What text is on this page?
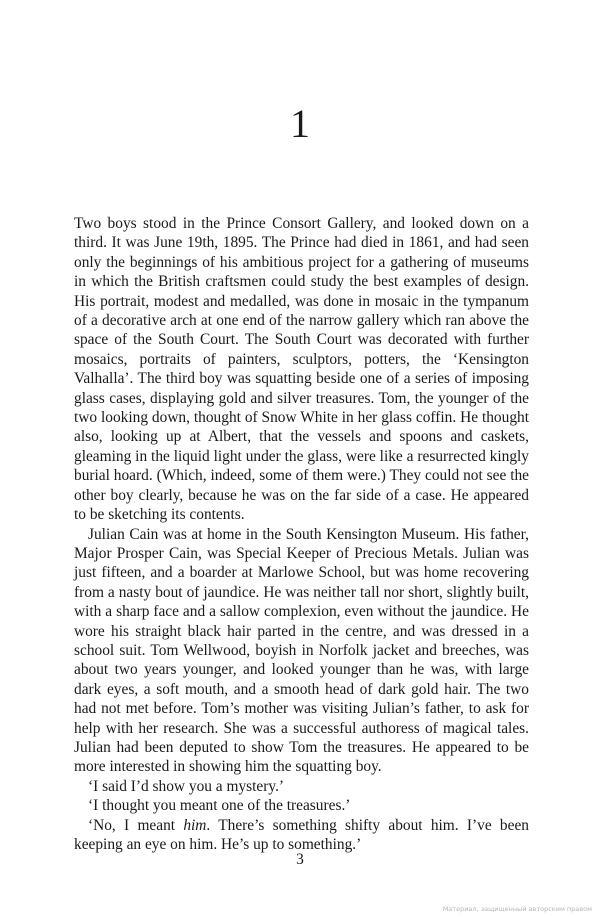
1

Two boys stood in the Prince Consort Gallery, and looked down on a third. It was June 19th, 1895. The Prince had died in 1861, and had seen only the beginnings of his ambitious project for a gathering of museums in which the British craftsmen could study the best examples of design. His portrait, modest and medalled, was done in mosaic in the tympanum of a decorative arch at one end of the narrow gallery which ran above the space of the South Court. The South Court was decorated with further mosaics, portraits of painters, sculptors, potters, the ‘Kensington Valhalla’. The third boy was squatting beside one of a series of imposing glass cases, displaying gold and silver treasures. Tom, the younger of the two looking down, thought of Snow White in her glass coffin. He thought also, looking up at Albert, that the vessels and spoons and caskets, gleaming in the liquid light under the glass, were like a resurrected kingly burial hoard. (Which, indeed, some of them were.) They could not see the other boy clearly, because he was on the far side of a case. He appeared to be sketching its contents.

Julian Cain was at home in the South Kensington Museum. His father, Major Prosper Cain, was Special Keeper of Precious Metals. Julian was just fifteen, and a boarder at Marlowe School, but was home recovering from a nasty bout of jaundice. He was neither tall nor short, slightly built, with a sharp face and a sallow complexion, even without the jaundice. He wore his straight black hair parted in the centre, and was dressed in a school suit. Tom Wellwood, boyish in Norfolk jacket and breeches, was about two years younger, and looked younger than he was, with large dark eyes, a soft mouth, and a smooth head of dark gold hair. The two had not met before. Tom’s mother was visiting Julian’s father, to ask for help with her research. She was a successful authoress of magical tales. Julian had been deputed to show Tom the treasures. He appeared to be more interested in showing him the squatting boy.

‘I said I’d show you a mystery.’

‘I thought you meant one of the treasures.’

‘No, I meant him. There’s something shifty about him. I’ve been keeping an eye on him. He’s up to something.’

3
Материал, защищенный авторским правом
